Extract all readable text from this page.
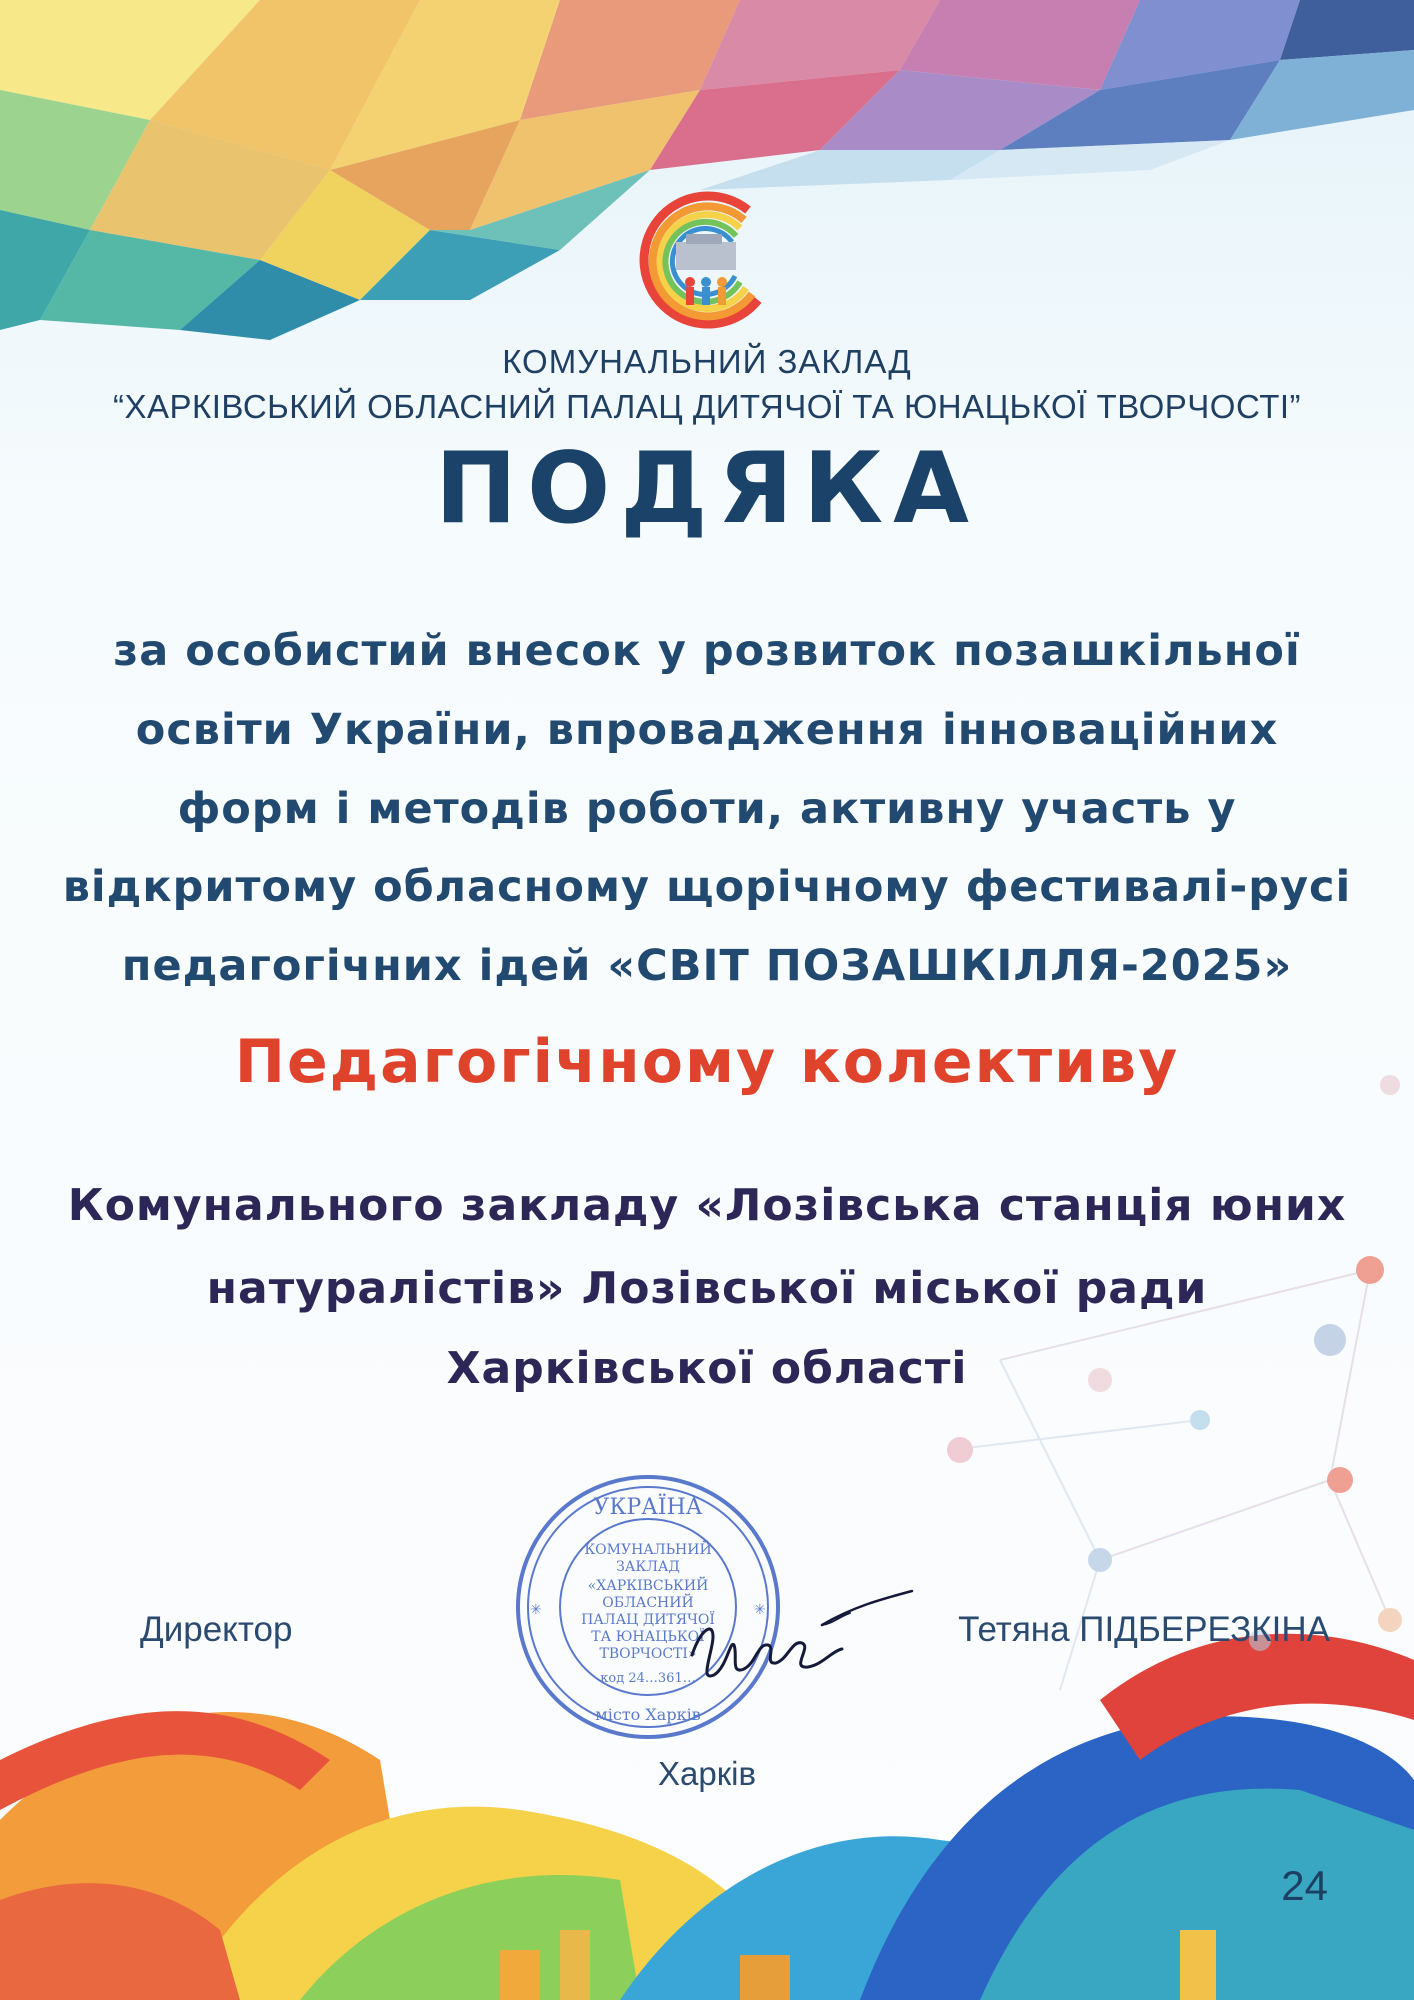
КОМУНАЛЬНИЙ ЗАКЛАД
“ХАРКІВСЬКИЙ ОБЛАСНИЙ ПАЛАЦ ДИТЯЧОЇ ТА ЮНАЦЬКОЇ ТВОРЧОСТІ”
ПОДЯКА
за особистий внесок у розвиток позашкільної
освіти України, впровадження інноваційних
форм і методів роботи, активну участь у
відкритому обласному щорічному фестивалі-русі
педагогічних ідей «СВІТ ПОЗАШКІЛЛЯ-2025»
Педагогічному колективу
Комунального закладу «Лозівська станція юних
натуралістів» Лозівської міської ради
Харківської області
УКРАЇНА
КОМУНАЛЬНИЙ
ЗАКЛАД
«ХАРКІВСЬКИЙ
ОБЛАСНИЙ
ПАЛАЦ ДИТЯЧОЇ
ТА ЮНАЦЬКОЇ
ТВОРЧОСТІ»
код 24…361…
місто Харків
✳	✳
Директор	Тетяна ПІДБЕРЕЗКІНА
Харків
24
